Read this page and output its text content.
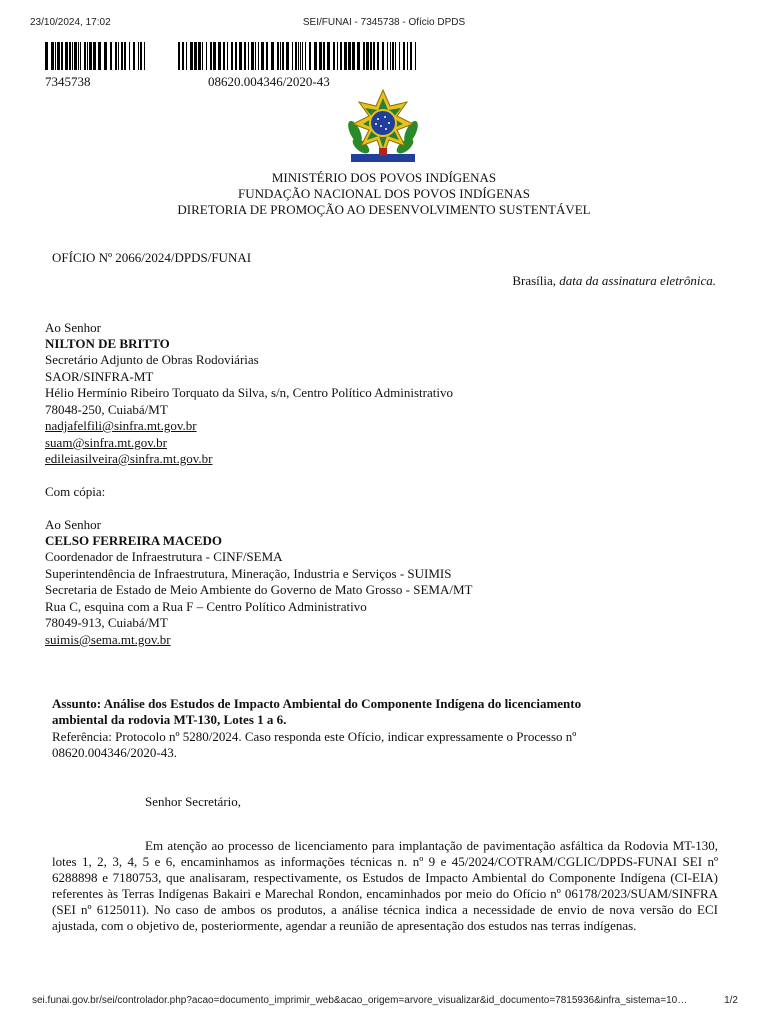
23/10/2024, 17:02	SEI/FUNAI - 7345738 - Ofício DPDS
7345738	08620.004346/2020-43
MINISTÉRIO DOS POVOS INDÍGENAS
FUNDAÇÃO NACIONAL DOS POVOS INDÍGENAS
DIRETORIA DE PROMOÇÃO AO DESENVOLVIMENTO SUSTENTÁVEL
OFÍCIO Nº 2066/2024/DPDS/FUNAI
Brasília, data da assinatura eletrônica.
Ao Senhor
NILTON DE BRITTO
Secretário Adjunto de Obras Rodoviárias
SAOR/SINFRA-MT
Hélio Hermínio Ribeiro Torquato da Silva, s/n, Centro Político Administrativo
78048-250, Cuiabá/MT
nadjafelfili@sinfra.mt.gov.br
suam@sinfra.mt.gov.br
edileiasilveira@sinfra.mt.gov.br
Com cópia:
Ao Senhor
CELSO FERREIRA MACEDO
Coordenador de Infraestrutura - CINF/SEMA
Superintendência de Infraestrutura, Mineração, Industria e Serviços - SUIMIS
Secretaria de Estado de Meio Ambiente do Governo de Mato Grosso - SEMA/MT
Rua C, esquina com a Rua F – Centro Político Administrativo
78049-913, Cuiabá/MT
suimis@sema.mt.gov.br
Assunto: Análise dos Estudos de Impacto Ambiental do Componente Indígena do licenciamento
ambiental da rodovia MT-130, Lotes 1 a 6.
Referência: Protocolo nº 5280/2024. Caso responda este Ofício, indicar expressamente o Processo nº
08620.004346/2020-43.
Senhor Secretário,
Em atenção ao processo de licenciamento para implantação de pavimentação asfáltica da Rodovia MT-130, lotes 1, 2, 3, 4, 5 e 6, encaminhamos as informações técnicas n. nº 9 e 45/2024/COTRAM/CGLIC/DPDS-FUNAI SEI nº 6288898 e 7180753, que analisaram, respectivamente, os Estudos de Impacto Ambiental do Componente Indígena (CI-EIA) referentes às Terras Indígenas Bakairi e Marechal Rondon, encaminhados por meio do Ofício nº 06178/2023/SUAM/SINFRA (SEI nº 6125011). No caso de ambos os produtos, a análise técnica indica a necessidade de envio de nova versão do ECI ajustada, com o objetivo de, posteriormente, agendar a reunião de apresentação dos estudos nas terras indígenas.
sei.funai.gov.br/sei/controlador.php?acao=documento_imprimir_web&acao_origem=arvore_visualizar&id_documento=7815936&infra_sistema=10…	1/2
